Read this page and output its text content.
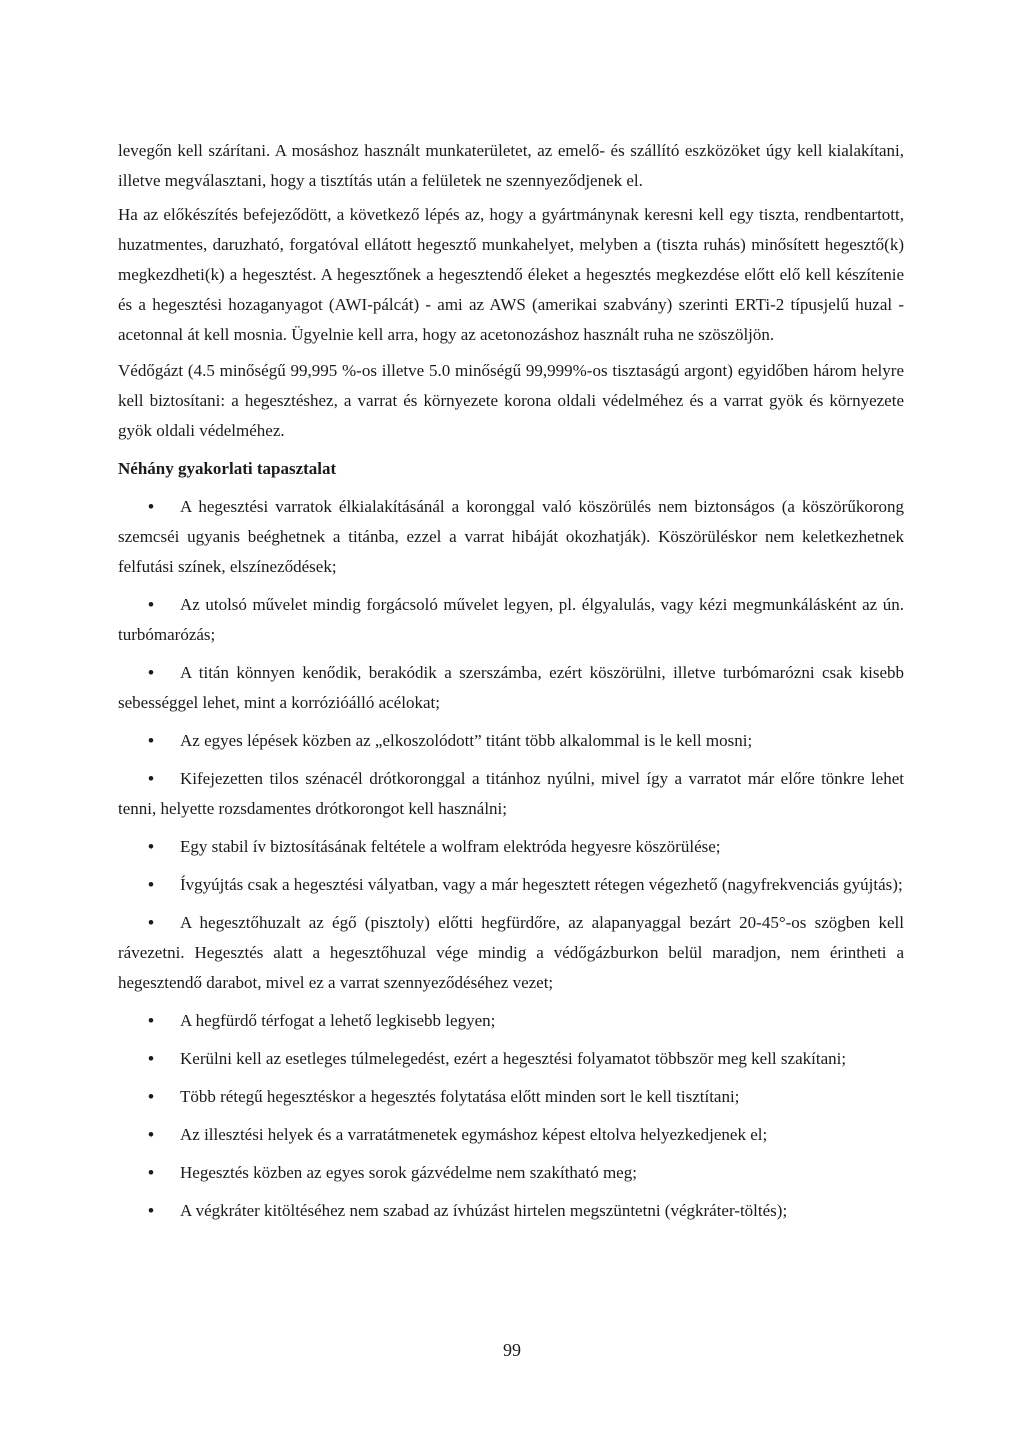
levegőn kell szárítani. A mosáshoz használt munkaterületet, az emelő- és szállító eszközöket úgy kell kialakítani, illetve megválasztani, hogy a tisztítás után a felületek ne szennyeződjenek el.

Ha az előkészítés befejeződött, a következő lépés az, hogy a gyártmánynak keresni kell egy tiszta, rendbentartott, huzatmentes, daruzható, forgatóval ellátott hegesztő munkahelyet, melyben a (tiszta ruhás) minősített hegesztő(k) megkezdheti(k) a hegesztést. A hegesztőnek a hegesztendő éleket a hegesztés megkezdése előtt elő kell készítenie és a hegesztési hozaganyagot (AWI-pálcát) - ami az AWS (amerikai szabvány) szerinti ERTi-2 típusjelű huzal - acetonnal át kell mosnia. Ügyelnie kell arra, hogy az acetonozáshoz használt ruha ne szöszöljön.

Védőgázt (4.5 minőségű 99,995 %-os illetve 5.0 minőségű 99,999%-os tisztaságú argont) egyidőben három helyre kell biztosítani: a hegesztéshez, a varrat és környezete korona oldali védelméhez és a varrat gyök és környezete gyök oldali védelméhez.

Néhány gyakorlati tapasztalat

• A hegesztési varratok élkialakításánál a koronggal való köszörülés nem biztonságos (a köszörűkorong szemcséi ugyanis beéghetnek a titánba, ezzel a varrat hibáját okozhatják). Köszörüléskor nem keletkezhetnek felfutási színek, elszíneződések;
• Az utolsó művelet mindig forgácsoló művelet legyen, pl. élgyalulás, vagy kézi megmunkálásként az ún. turbómarózás;
• A titán könnyen kenődik, berakódik a szerszámba, ezért köszörülni, illetve turbómarózni csak kisebb sebességgel lehet, mint a korrózióálló acélokat;
• Az egyes lépések közben az „elkoszolódott” titánt több alkalommal is le kell mosni;
• Kifejezetten tilos szénacél drótkoronggal a titánhoz nyúlni, mivel így a varratot már előre tönkre lehet tenni, helyette rozsdamentes drótkorongot kell használni;
• Egy stabil ív biztosításának feltétele a wolfram elektróda hegyesre köszörülése;
• Ívgyújtás csak a hegesztési vályatban, vagy a már hegesztett rétegen végezhető (nagyfrekvenciás gyújtás);
• A hegesztőhuzalt az égő (pisztoly) előtti hegfürdőre, az alapanyaggal bezárt 20-45°-os szögben kell rávezetni. Hegesztés alatt a hegesztőhuzal vége mindig a védőgázburkon belül maradjon, nem érintheti a hegesztendő darabot, mivel ez a varrat szennyeződéséhez vezet;
• A hegfürdő térfogat a lehető legkisebb legyen;
• Kerülni kell az esetleges túlmelegedést, ezért a hegesztési folyamatot többször meg kell szakítani;
• Több rétegű hegesztéskor a hegesztés folytatása előtt minden sort le kell tisztítani;
• Az illesztési helyek és a varratátmenetek egymáshoz képest eltolva helyezkedjenek el;
• Hegesztés közben az egyes sorok gázvédelme nem szakítható meg;
• A végkráter kitöltéséhez nem szabad az ívhúzást hirtelen megszüntetni (végkráter-töltés);
99
